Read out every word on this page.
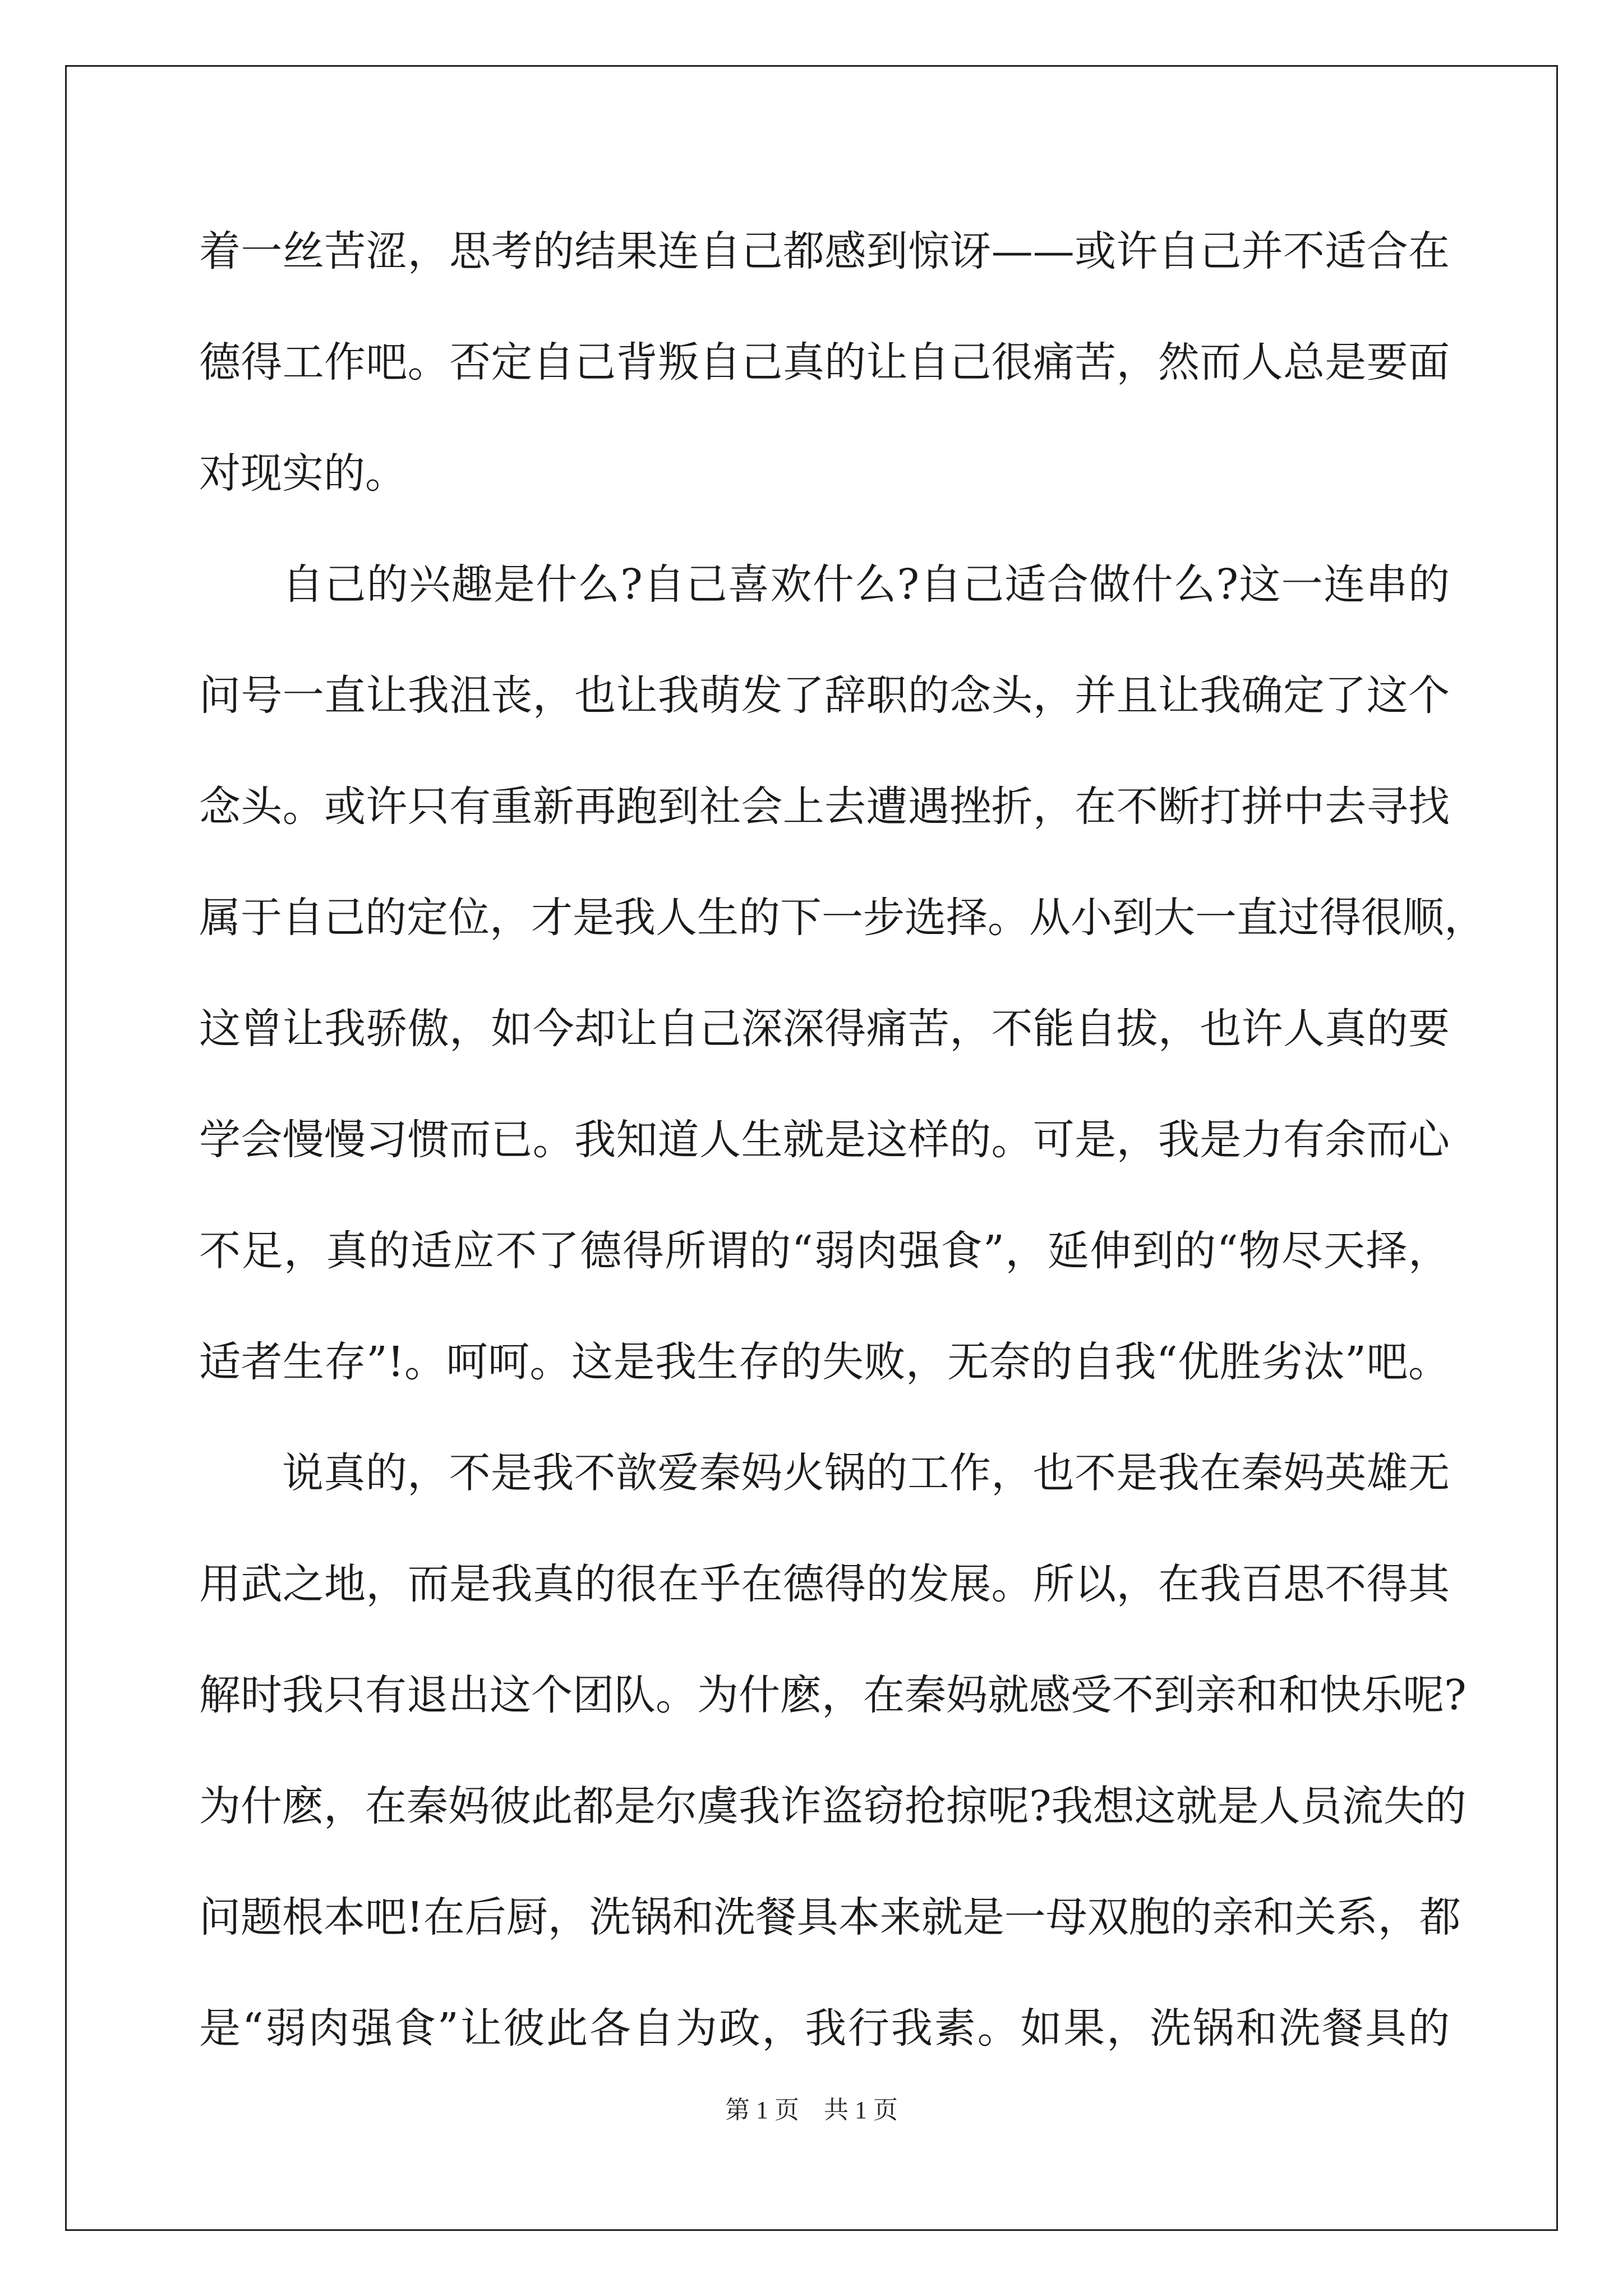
着一丝苦涩，思考的结果连自己都感到惊讶——或许自己并不适合在
德得工作吧。否定自己背叛自己真的让自己很痛苦，然而人总是要面
对现实的。
自己的兴趣是什么?自己喜欢什么?自己适合做什么?这一连串的
问号一直让我沮丧，也让我萌发了辞职的念头，并且让我确定了这个
念头。或许只有重新再跑到社会上去遭遇挫折，在不断打拼中去寻找
属于自己的定位，才是我人生的下一步选择。从小到大一直过得很顺，
这曾让我骄傲，如今却让自己深深得痛苦，不能自拔，也许人真的要
学会慢慢习惯而已。我知道人生就是这样的。可是，我是力有余而心
不足，真的适应不了德得所谓的“弱肉强食”，延伸到的“物尽天择，
适者生存”!。呵呵。这是我生存的失败，无奈的自我“优胜劣汰”吧。
说真的，不是我不歆爱秦妈火锅的工作，也不是我在秦妈英雄无
用武之地，而是我真的很在乎在德得的发展。所以，在我百思不得其
解时我只有退出这个团队。为什麽，在秦妈就感受不到亲和和快乐呢?
为什麽，在秦妈彼此都是尔虞我诈盗窃抢掠呢?我想这就是人员流失的
问题根本吧!在后厨，洗锅和洗餐具本来就是一母双胞的亲和关系，都
是“弱肉强食”让彼此各自为政，我行我素。如果，洗锅和洗餐具的
第 1 页　共 1 页
